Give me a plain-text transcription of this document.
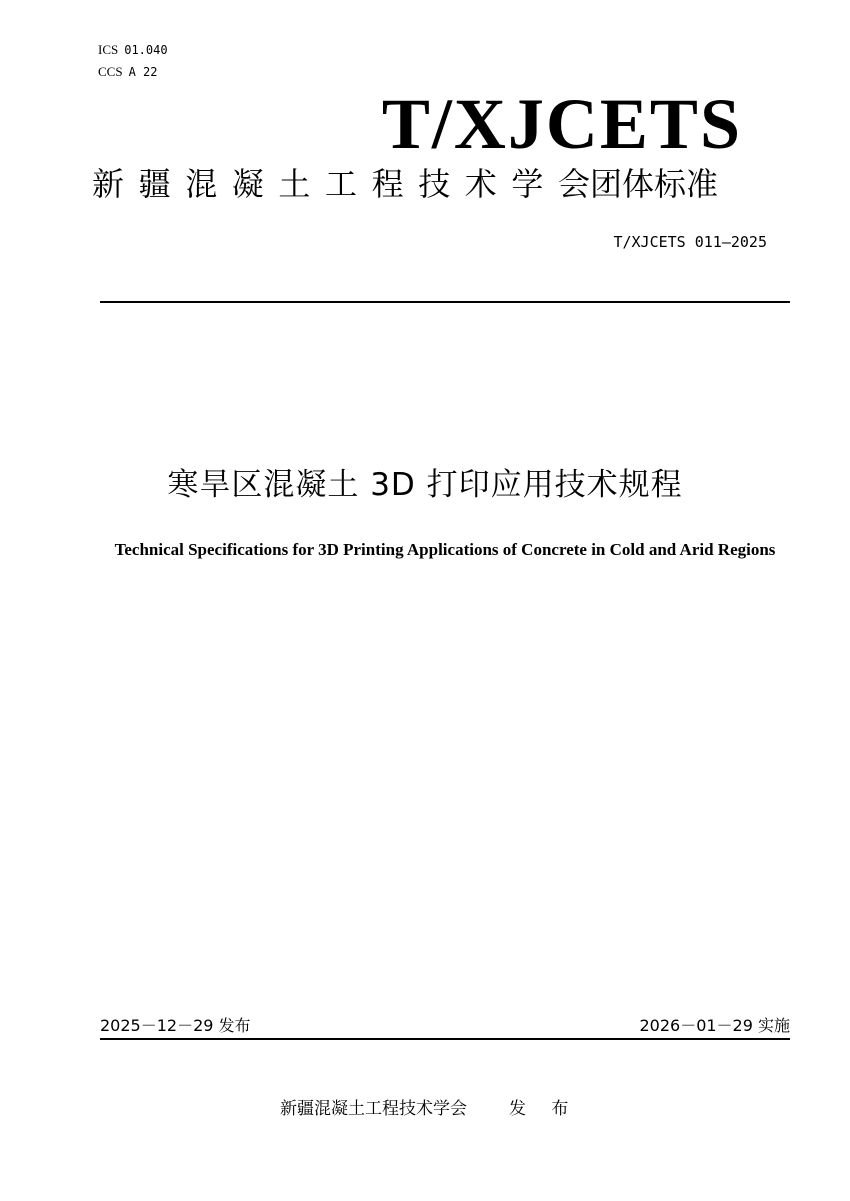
ICS 01.040
CCS A 22
T/XJCETS
新疆混凝土工程技术学 会团体标准
T/XJCETS 011—2025
寒旱区混凝土 3D 打印应用技术规程
Technical Specifications for 3D Printing Applications of Concrete in Cold and Arid Regions
2025－12－29 发布	2026－01－29 实施
新疆混凝土工程技术学会 发 布
